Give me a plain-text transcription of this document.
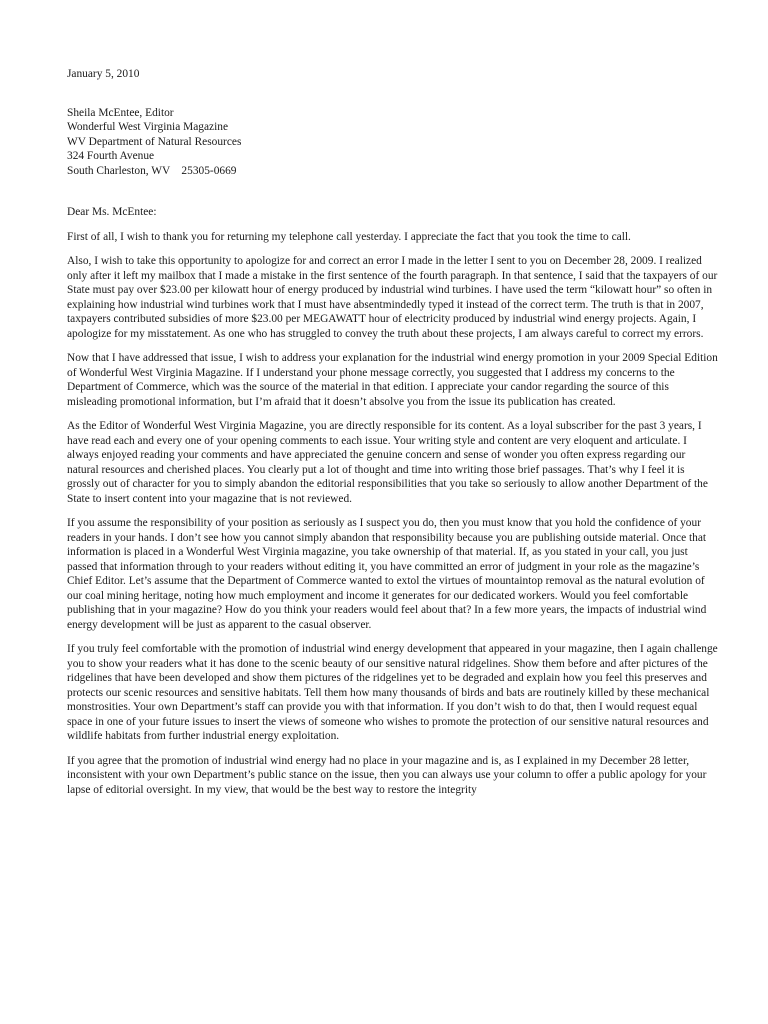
January 5, 2010
Sheila McEntee, Editor
Wonderful West Virginia Magazine
WV Department of Natural Resources
324 Fourth Avenue
South Charleston, WV    25305-0669
Dear Ms. McEntee:

First of all, I wish to thank you for returning my telephone call yesterday. I appreciate the fact that you took the time to call.

Also, I wish to take this opportunity to apologize for and correct an error I made in the letter I sent to you on December 28, 2009. I realized only after it left my mailbox that I made a mistake in the first sentence of the fourth paragraph. In that sentence, I said that the taxpayers of our State must pay over $23.00 per kilowatt hour of energy produced by industrial wind turbines. I have used the term “kilowatt hour” so often in explaining how industrial wind turbines work that I must have absentmindedly typed it instead of the correct term. The truth is that in 2007, taxpayers contributed subsidies of more $23.00 per MEGAWATT hour of electricity produced by industrial wind energy projects. Again, I apologize for my misstatement. As one who has struggled to convey the truth about these projects, I am always careful to correct my errors.

Now that I have addressed that issue, I wish to address your explanation for the industrial wind energy promotion in your 2009 Special Edition of Wonderful West Virginia Magazine. If I understand your phone message correctly, you suggested that I address my concerns to the Department of Commerce, which was the source of the material in that edition. I appreciate your candor regarding the source of this misleading promotional information, but I’m afraid that it doesn’t absolve you from the issue its publication has created.

As the Editor of Wonderful West Virginia Magazine, you are directly responsible for its content. As a loyal subscriber for the past 3 years, I have read each and every one of your opening comments to each issue. Your writing style and content are very eloquent and articulate. I always enjoyed reading your comments and have appreciated the genuine concern and sense of wonder you often express regarding our natural resources and cherished places. You clearly put a lot of thought and time into writing those brief passages. That’s why I feel it is grossly out of character for you to simply abandon the editorial responsibilities that you take so seriously to allow another Department of the State to insert content into your magazine that is not reviewed.

If you assume the responsibility of your position as seriously as I suspect you do, then you must know that you hold the confidence of your readers in your hands. I don’t see how you cannot simply abandon that responsibility because you are publishing outside material. Once that information is placed in a Wonderful West Virginia magazine, you take ownership of that material. If, as you stated in your call, you just passed that information through to your readers without editing it, you have committed an error of judgment in your role as the magazine’s Chief Editor. Let’s assume that the Department of Commerce wanted to extol the virtues of mountaintop removal as the natural evolution of our coal mining heritage, noting how much employment and income it generates for our dedicated workers. Would you feel comfortable publishing that in your magazine? How do you think your readers would feel about that? In a few more years, the impacts of industrial wind energy development will be just as apparent to the casual observer.

If you truly feel comfortable with the promotion of industrial wind energy development that appeared in your magazine, then I again challenge you to show your readers what it has done to the scenic beauty of our sensitive natural ridgelines. Show them before and after pictures of the ridgelines that have been developed and show them pictures of the ridgelines yet to be degraded and explain how you feel this preserves and protects our scenic resources and sensitive habitats. Tell them how many thousands of birds and bats are routinely killed by these mechanical monstrosities. Your own Department’s staff can provide you with that information. If you don’t wish to do that, then I would request equal space in one of your future issues to insert the views of someone who wishes to promote the protection of our sensitive natural resources and wildlife habitats from further industrial energy exploitation.

If you agree that the promotion of industrial wind energy had no place in your magazine and is, as I explained in my December 28 letter, inconsistent with your own Department’s public stance on the issue, then you can always use your column to offer a public apology for your lapse of editorial oversight. In my view, that would be the best way to restore the integrity
